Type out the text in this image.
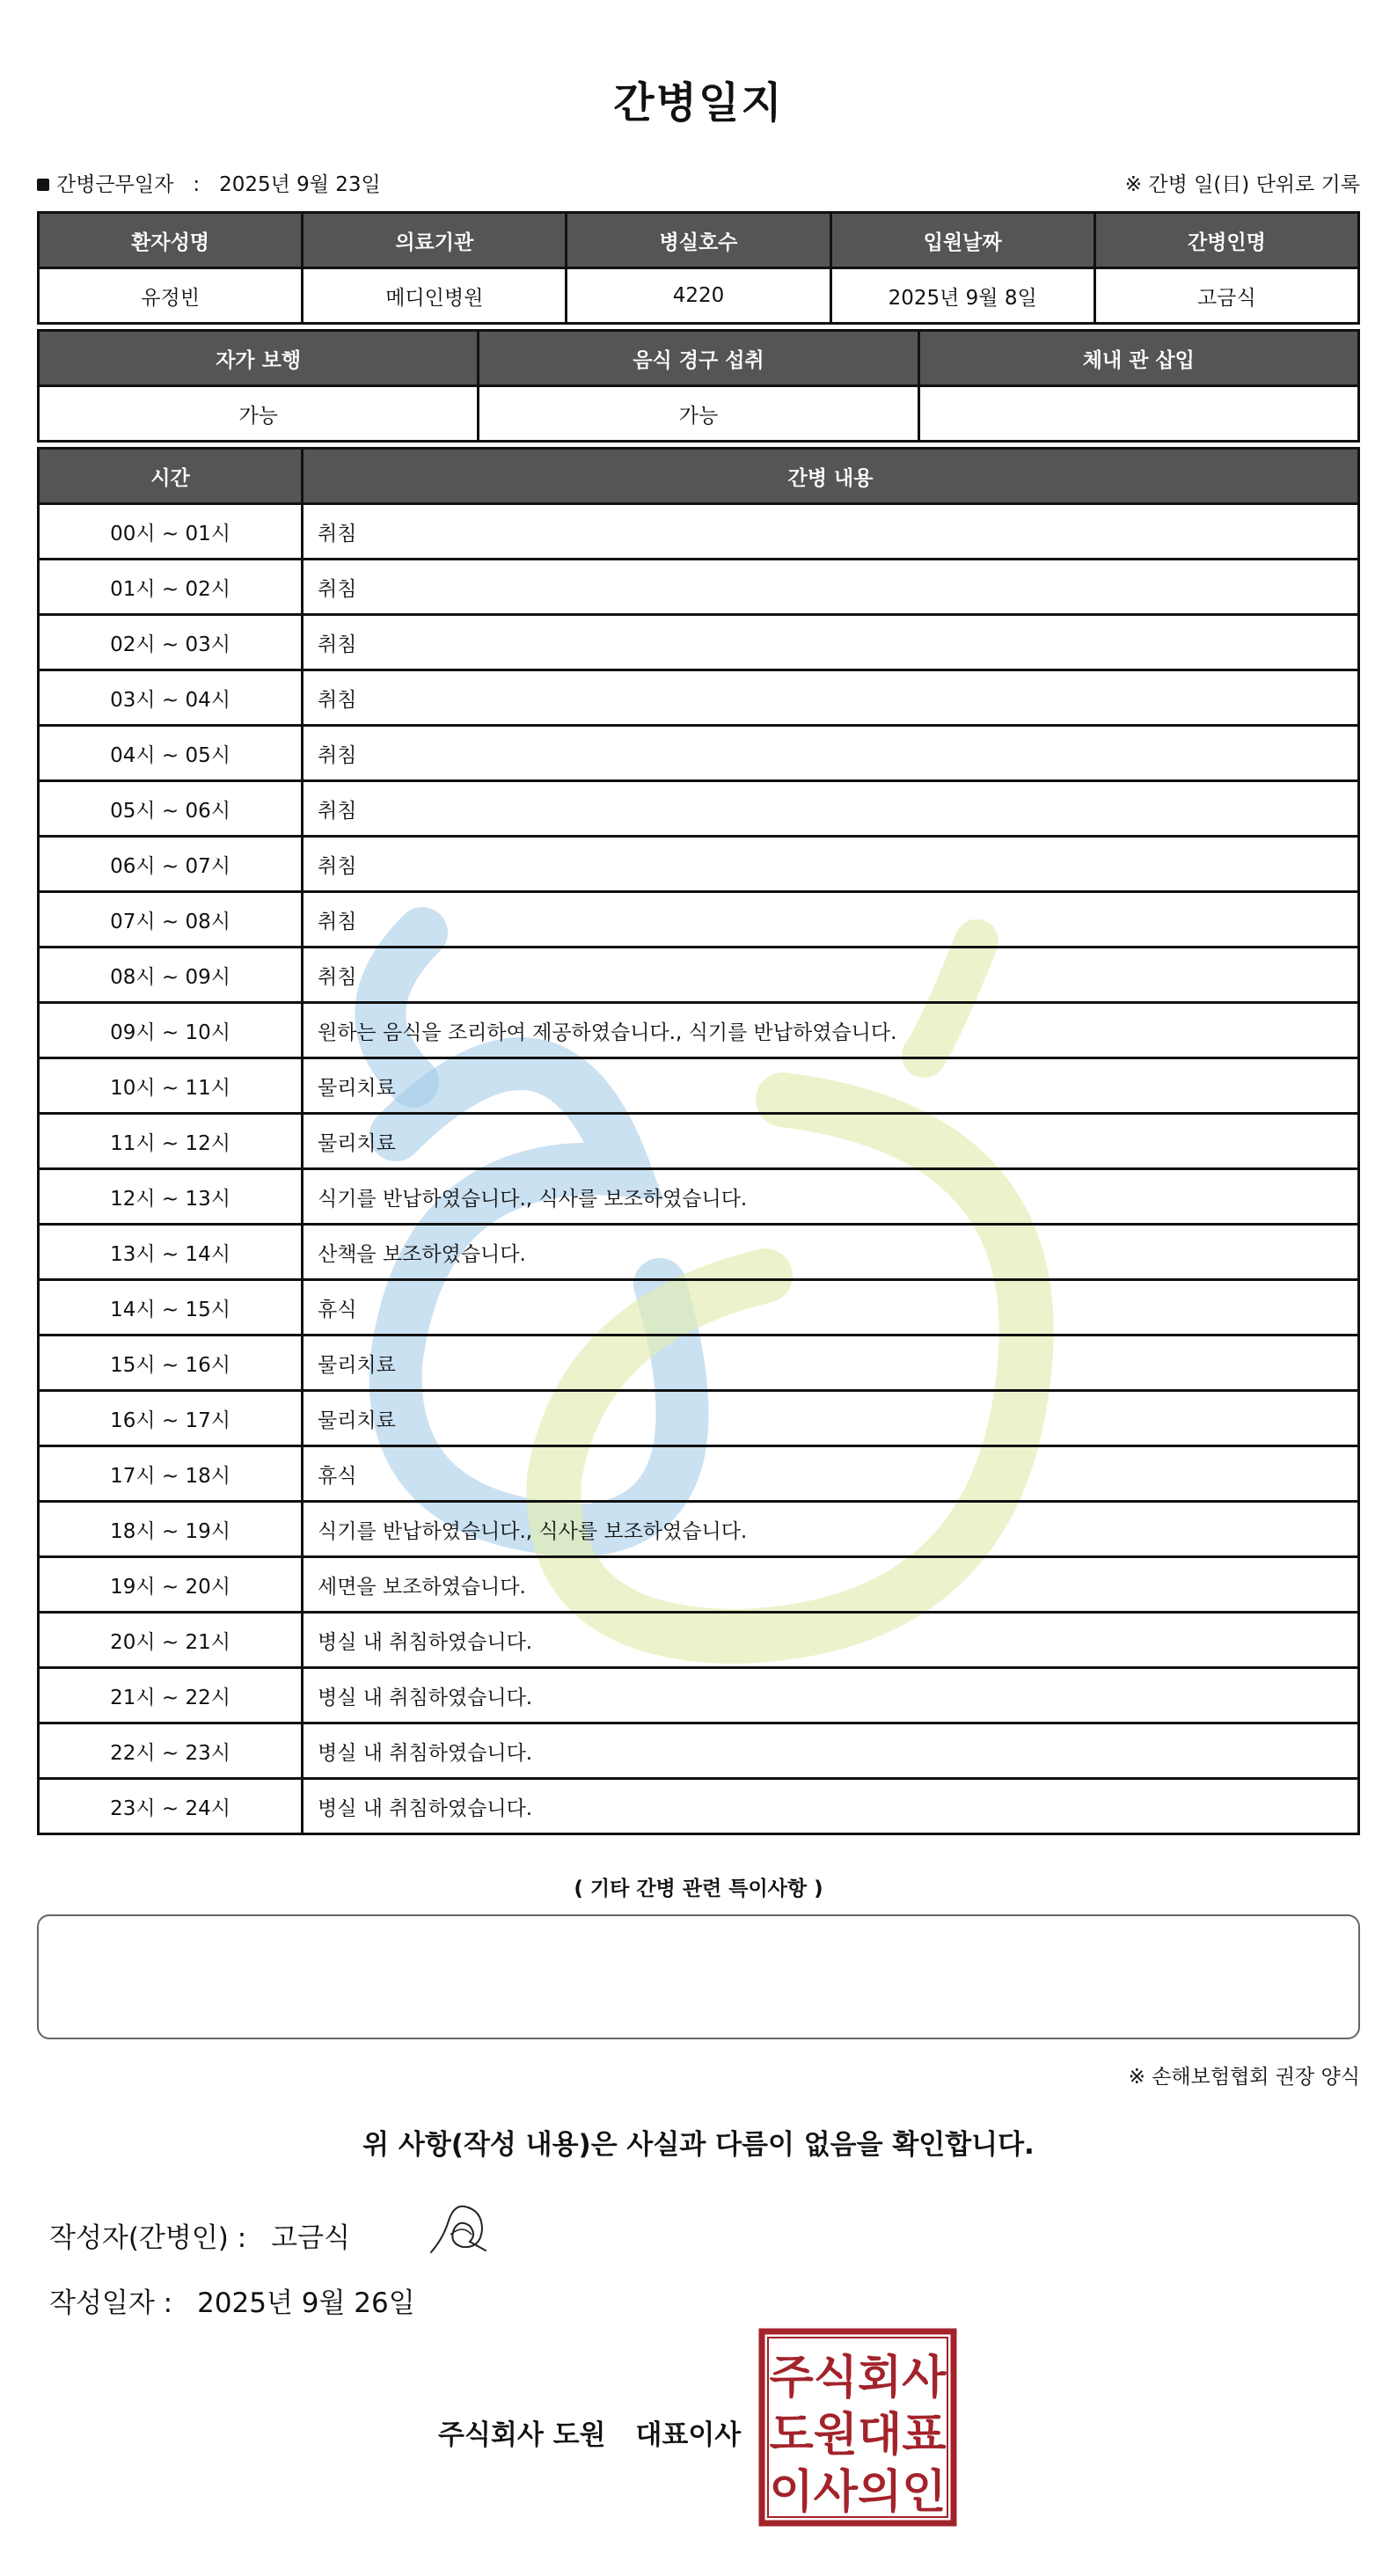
간병일지
간병근무일자 : 2025년 9월 23일	※ 간병 일(日) 단위로 기록
환자성명	의료기관	병실호수	입원날짜	간병인명
유정빈	메디인병원	4220	2025년 9월 8일	고금식
자가 보행	음식 경구 섭취	체내 관 삽입
가능	가능	
시간	간병 내용
00시 ~ 01시	취침
01시 ~ 02시	취침
02시 ~ 03시	취침
03시 ~ 04시	취침
04시 ~ 05시	취침
05시 ~ 06시	취침
06시 ~ 07시	취침
07시 ~ 08시	취침
08시 ~ 09시	취침
09시 ~ 10시	원하는 음식을 조리하여 제공하였습니다., 식기를 반납하였습니다.
10시 ~ 11시	물리치료
11시 ~ 12시	물리치료
12시 ~ 13시	식기를 반납하였습니다., 식사를 보조하였습니다.
13시 ~ 14시	산책을 보조하였습니다.
14시 ~ 15시	휴식
15시 ~ 16시	물리치료
16시 ~ 17시	물리치료
17시 ~ 18시	휴식
18시 ~ 19시	식기를 반납하였습니다., 식사를 보조하였습니다.
19시 ~ 20시	세면을 보조하였습니다.
20시 ~ 21시	병실 내 취침하였습니다.
21시 ~ 22시	병실 내 취침하였습니다.
22시 ~ 23시	병실 내 취침하였습니다.
23시 ~ 24시	병실 내 취침하였습니다.
( 기타 간병 관련 특이사항 )
※ 손해보험협회 권장 양식
위 사항(작성 내용)은 사실과 다름이 없음을 확인합니다.
작성자(간병인) : 고금식
작성일자 : 2025년 9월 26일
주식회사 도원 대표이사
주식회사
도원대표
이사의인
